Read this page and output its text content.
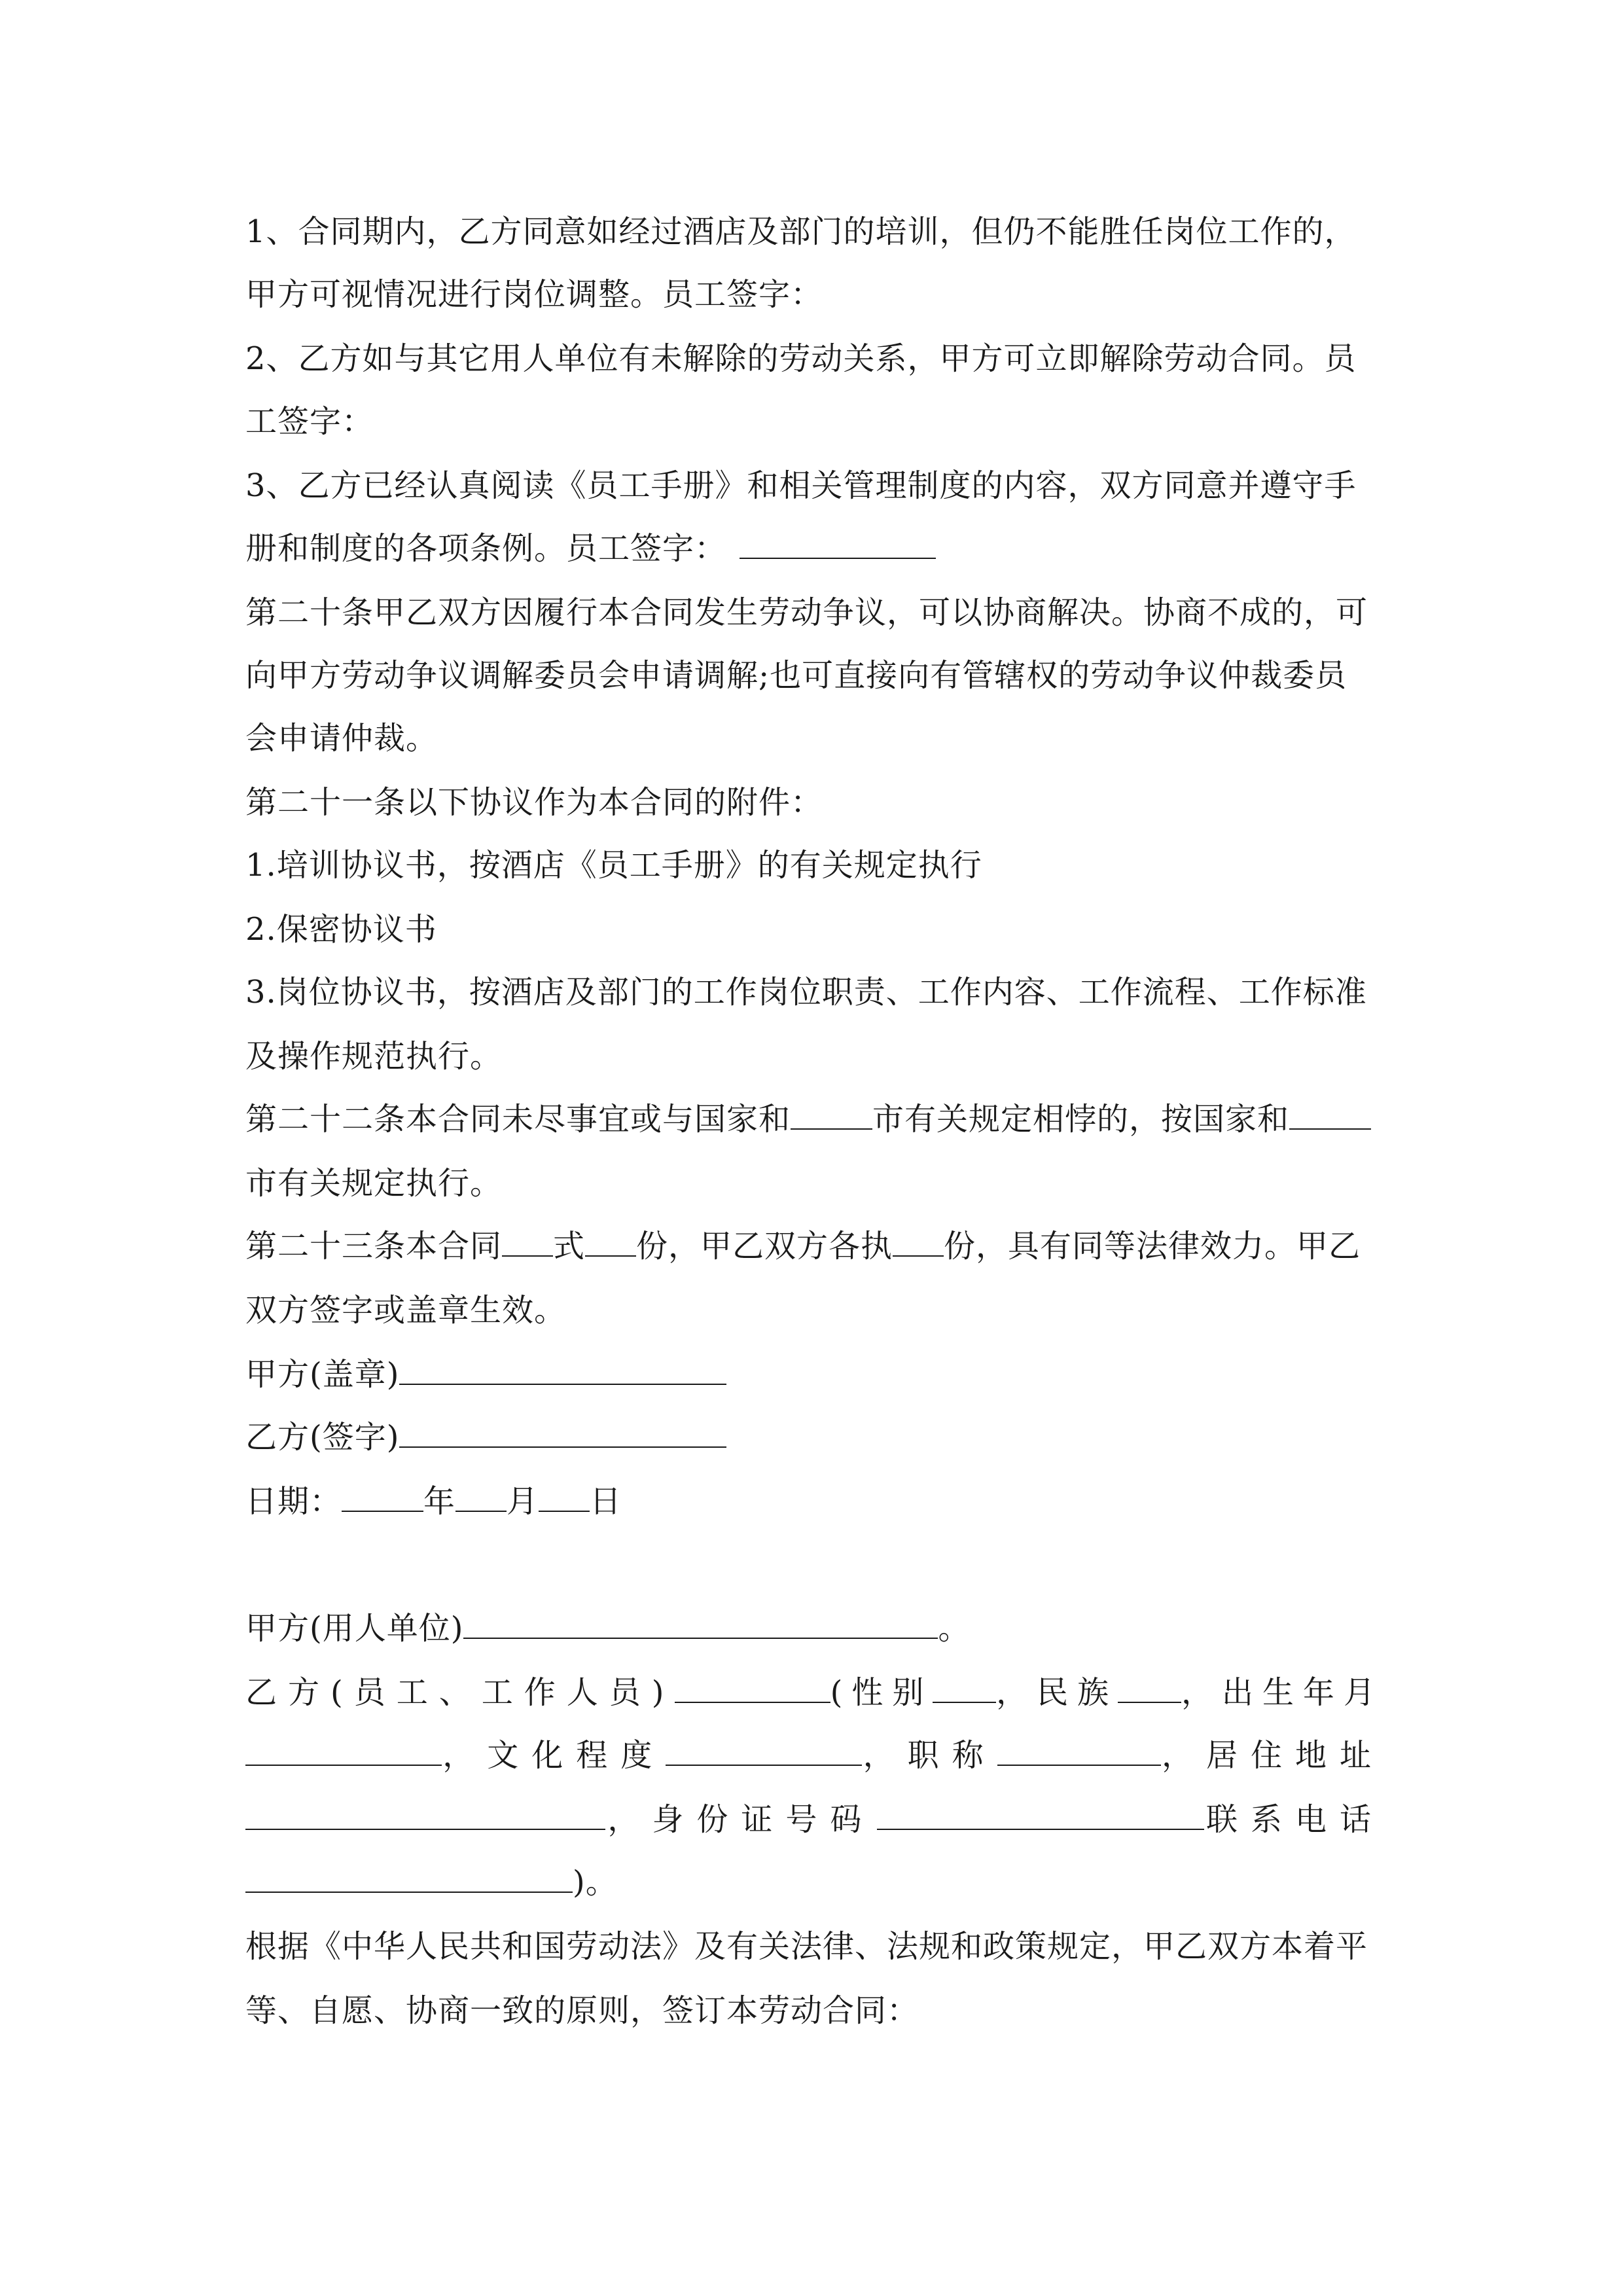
1、合同期内，乙方同意如经过酒店及部门的培训，但仍不能胜任岗位工作的，
甲方可视情况进行岗位调整。员工签字：
2、乙方如与其它用人单位有未解除的劳动关系，甲方可立即解除劳动合同。员
工签字：
3、乙方已经认真阅读《员工手册》和相关管理制度的内容，双方同意并遵守手
册和制度的各项条例。员工签字：
第二十条甲乙双方因履行本合同发生劳动争议，可以协商解决。协商不成的，可
向甲方劳动争议调解委员会申请调解;也可直接向有管辖权的劳动争议仲裁委员
会申请仲裁。
第二十一条以下协议作为本合同的附件：
1.培训协议书，按酒店《员工手册》的有关规定执行
2.保密协议书
3.岗位协议书，按酒店及部门的工作岗位职责、工作内容、工作流程、工作标准
及操作规范执行。
第二十二条本合同未尽事宜或与国家和	市有关规定相悖的，按国家和
市有关规定执行。
第二十三条本合同 式 份，甲乙双方各执 份，具有同等法律效力。甲乙
双方签字或盖章生效。
甲方(盖章)
乙方(签字)
日期：	年 月 日
甲方(用人单位)	。
乙方(员工、工作人员)	(性别 ，民族 ，出生年月
，文化程度	，职称	，居住地址
，身份证号码	联系电话
)。
根据《中华人民共和国劳动法》及有关法律、法规和政策规定，甲乙双方本着平
等、自愿、协商一致的原则，签订本劳动合同：
